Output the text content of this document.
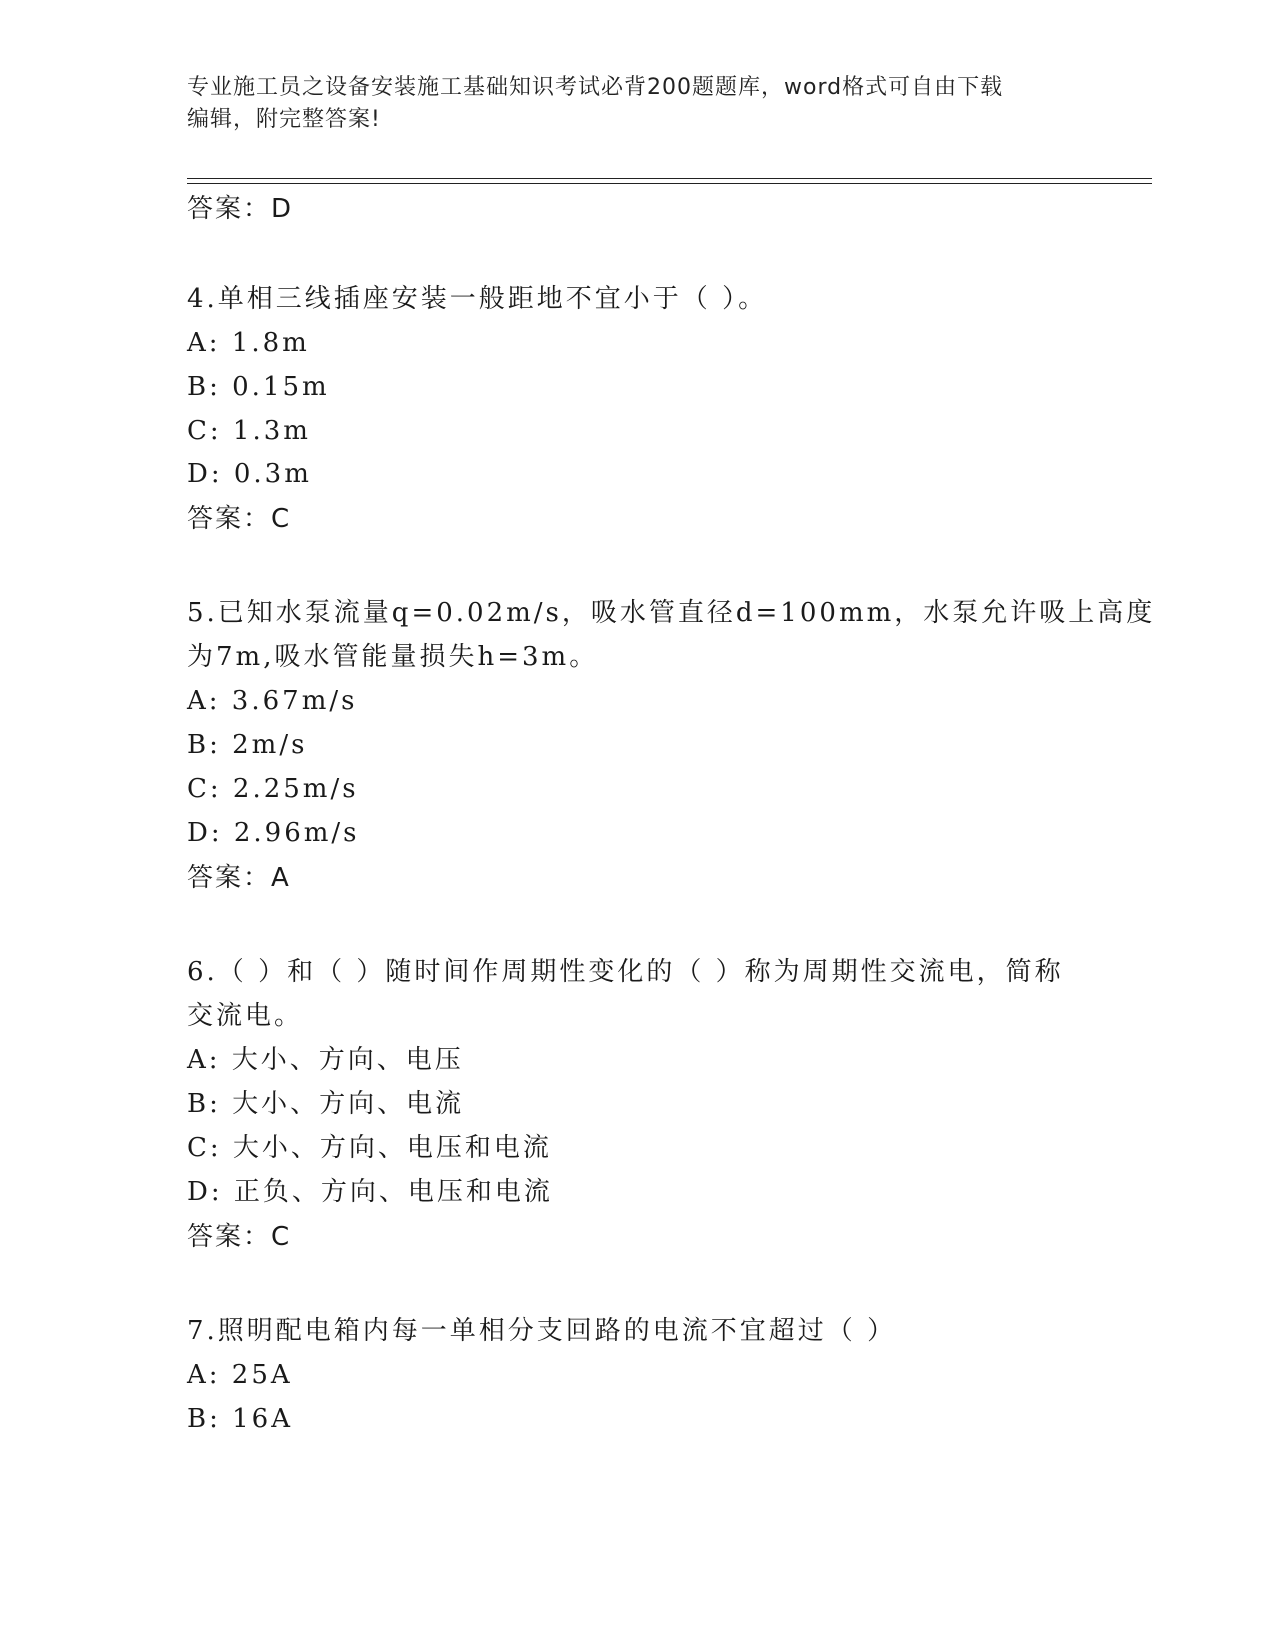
专业施工员之设备安装施工基础知识考试必背200题题库，word格式可自由下载
编辑，附完整答案!
答案：D
4.单相三线插座安装一般距地不宜小于（ ）。
A: 1.8m
B: 0.15m
C: 1.3m
D: 0.3m
答案：C
5.已知水泵流量q=0.02m/s，吸水管直径d=100mm，水泵允许吸上高度
为7m,吸水管能量损失h=3m。
A: 3.67m/s
B: 2m/s
C: 2.25m/s
D: 2.96m/s
答案：A
6.（ ）和（ ）随时间作周期性变化的（ ）称为周期性交流电，简称
交流电。
A: 大小、方向、电压
B: 大小、方向、电流
C: 大小、方向、电压和电流
D: 正负、方向、电压和电流
答案：C
7.照明配电箱内每一单相分支回路的电流不宜超过（ ）
A: 25A
B: 16A
